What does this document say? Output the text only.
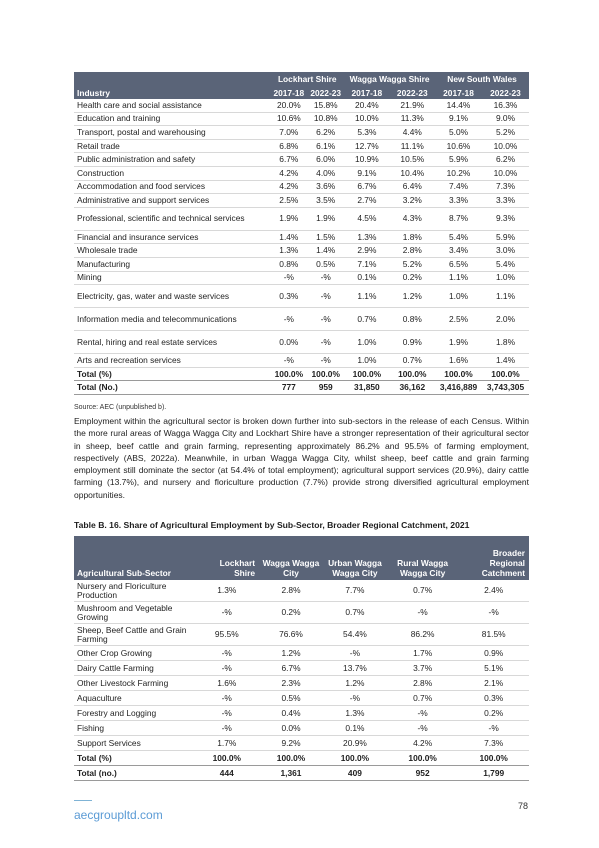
Industry	Lockhart Shire		Wagga Wagga Shire		New South Wales	
	2017-18	2022-23	2017-18	2022-23	2017-18	2022-23
Health care and social assistance	20.0%	15.8%	20.4%	21.9%	14.4%	16.3%
Education and training	10.6%	10.8%	10.0%	11.3%	9.1%	9.0%
Transport, postal and warehousing	7.0%	6.2%	5.3%	4.4%	5.0%	5.2%
Retail trade	6.8%	6.1%	12.7%	11.1%	10.6%	10.0%
Public administration and safety	6.7%	6.0%	10.9%	10.5%	5.9%	6.2%
Construction	4.2%	4.0%	9.1%	10.4%	10.2%	10.0%
Accommodation and food services	4.2%	3.6%	6.7%	6.4%	7.4%	7.3%
Administrative and support services	2.5%	3.5%	2.7%	3.2%	3.3%	3.3%
Professional, scientific and technical services	1.9%	1.9%	4.5%	4.3%	8.7%	9.3%
Financial and insurance services	1.4%	1.5%	1.3%	1.8%	5.4%	5.9%
Wholesale trade	1.3%	1.4%	2.9%	2.8%	3.4%	3.0%
Manufacturing	0.8%	0.5%	7.1%	5.2%	6.5%	5.4%
Mining	-%	-%	0.1%	0.2%	1.1%	1.0%
Electricity, gas, water and waste services	0.3%	-%	1.1%	1.2%	1.0%	1.1%
Information media and telecommunications	-%	-%	0.7%	0.8%	2.5%	2.0%
Rental, hiring and real estate services	0.0%	-%	1.0%	0.9%	1.9%	1.8%
Arts and recreation services	-%	-%	1.0%	0.7%	1.6%	1.4%
Total (%)	100.0%	100.0%	100.0%	100.0%	100.0%	100.0%
Total (No.)	777	959	31,850	36,162	3,416,889	3,743,305
Source: AEC (unpublished b).

Employment within the agricultural sector is broken down further into sub-sectors in the release of each Census. Within the more rural areas of Wagga Wagga City and Lockhart Shire have a stronger representation of their agricultural sector in sheep, beef cattle and grain farming, representing approximately 86.2% and 95.5% of farming employment, respectively (ABS, 2022a). Meanwhile, in urban Wagga Wagga City, whilst sheep, beef cattle and grain farming employment still dominate the sector (at 54.4% of total employment); agricultural support services (20.9%), dairy cattle farming (13.7%), and nursery and floriculture production (7.7%) provide strong diversified agricultural employment opportunities.

Table B. 16. Share of Agricultural Employment by Sub-Sector, Broader Regional Catchment, 2021

Agricultural Sub-Sector	Lockhart Shire	Wagga Wagga City	Urban Wagga Wagga City	Rural Wagga Wagga City	Broader Regional Catchment
Nursery and Floriculture Production	1.3%	2.8%	7.7%	0.7%	2.4%
Mushroom and Vegetable Growing	-%	0.2%	0.7%	-%	-%
Sheep, Beef Cattle and Grain Farming	95.5%	76.6%	54.4%	86.2%	81.5%
Other Crop Growing	-%	1.2%	-%	1.7%	0.9%
Dairy Cattle Farming	-%	6.7%	13.7%	3.7%	5.1%
Other Livestock Farming	1.6%	2.3%	1.2%	2.8%	2.1%
Aquaculture	-%	0.5%	-%	0.7%	0.3%
Forestry and Logging	-%	0.4%	1.3%	-%	0.2%
Fishing	-%	0.0%	0.1%	-%	-%
Support Services	1.7%	9.2%	20.9%	4.2%	7.3%
Total (%)	100.0%	100.0%	100.0%	100.0%	100.0%
Total (no.)	444	1,361	409	952	1,799
aecgroupltd.com
78
